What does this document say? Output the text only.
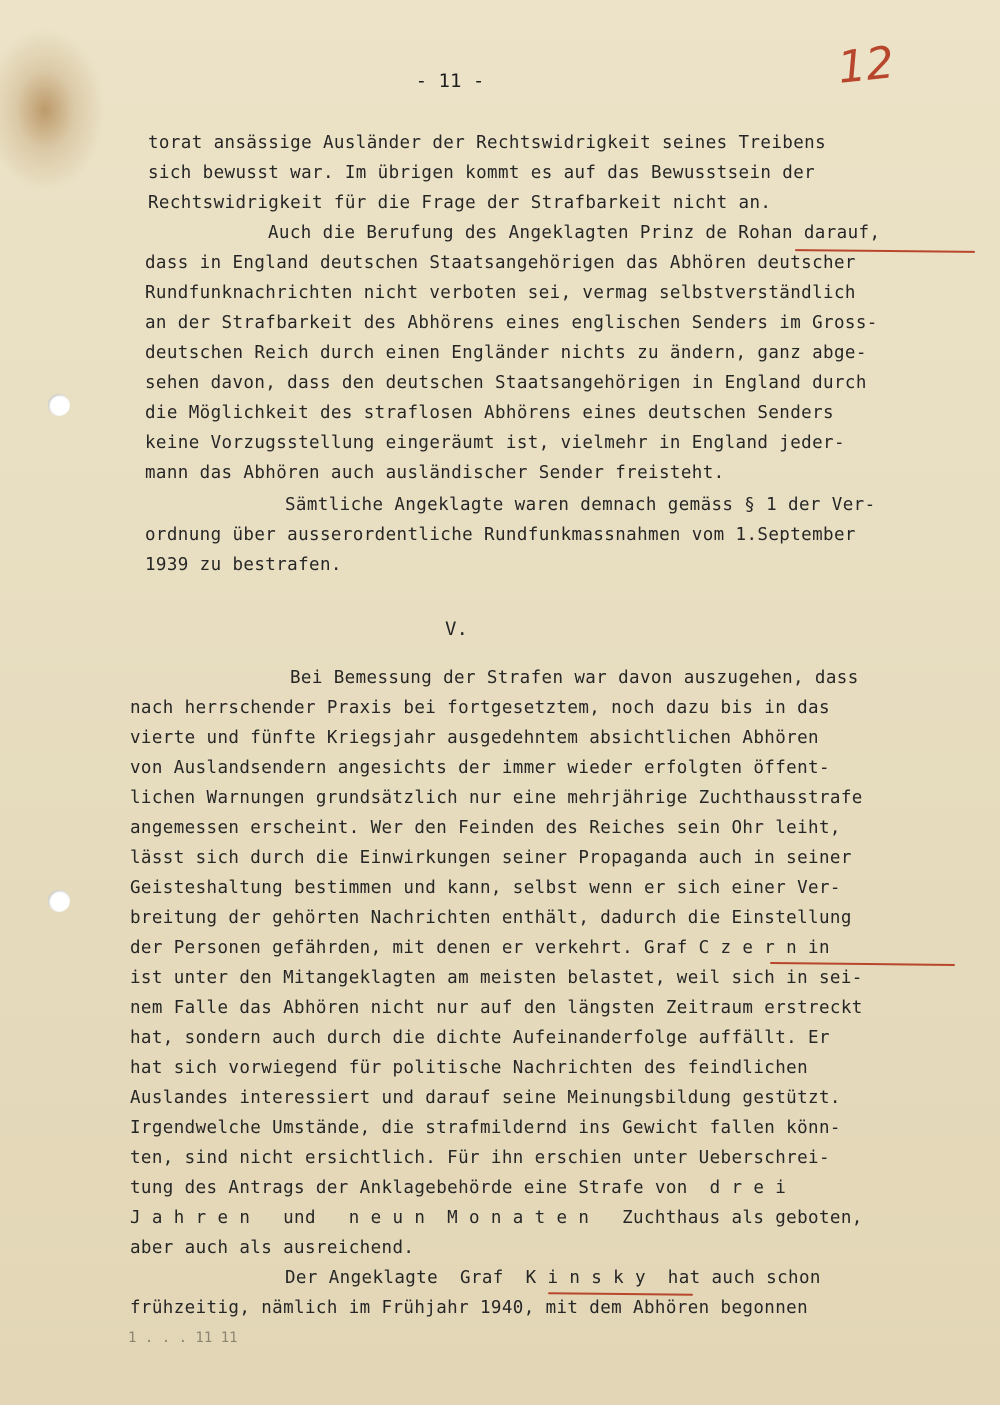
- 11 -	12
torat ansässige Ausländer der Rechtswidrigkeit seines Treibens
sich bewusst war. Im übrigen kommt es auf das Bewusstsein der
Rechtswidrigkeit für die Frage der Strafbarkeit nicht an.
Auch die Berufung des Angeklagten Prinz de Rohan darauf,
dass in England deutschen Staatsangehörigen das Abhören deutscher
Rundfunknachrichten nicht verboten sei, vermag selbstverständlich
an der Strafbarkeit des Abhörens eines englischen Senders im Gross-
deutschen Reich durch einen Engländer nichts zu ändern, ganz abge-
sehen davon, dass den deutschen Staatsangehörigen in England durch
die Möglichkeit des straflosen Abhörens eines deutschen Senders
keine Vorzugsstellung eingeräumt ist, vielmehr in England jeder-
mann das Abhören auch ausländischer Sender freisteht.
Sämtliche Angeklagte waren demnach gemäss § 1 der Ver-
ordnung über ausserordentliche Rundfunkmassnahmen vom 1.September
1939 zu bestrafen.
V.
Bei Bemessung der Strafen war davon auszugehen, dass
nach herrschender Praxis bei fortgesetztem, noch dazu bis in das
vierte und fünfte Kriegsjahr ausgedehntem absichtlichen Abhören
von Auslandsendern angesichts der immer wieder erfolgten öffent-
lichen Warnungen grundsätzlich nur eine mehrjährige Zuchthausstrafe
angemessen erscheint. Wer den Feinden des Reiches sein Ohr leiht,
lässt sich durch die Einwirkungen seiner Propaganda auch in seiner
Geisteshaltung bestimmen und kann, selbst wenn er sich einer Ver-
breitung der gehörten Nachrichten enthält, dadurch die Einstellung
der Personen gefährden, mit denen er verkehrt. Graf C z e r n in
ist unter den Mitangeklagten am meisten belastet, weil sich in sei-
nem Falle das Abhören nicht nur auf den längsten Zeitraum erstreckt
hat, sondern auch durch die dichte Aufeinanderfolge auffällt. Er
hat sich vorwiegend für politische Nachrichten des feindlichen
Auslandes interessiert und darauf seine Meinungsbildung gestützt.
Irgendwelche Umstände, die strafmildernd ins Gewicht fallen könn-
ten, sind nicht ersichtlich. Für ihn erschien unter Ueberschrei-
tung des Antrags der Anklagebehörde eine Strafe von  d r e i
J a h r e n   und   n e u n  M o n a t e n   Zuchthaus als geboten,
aber auch als ausreichend.
Der Angeklagte  Graf  K i n s k y  hat auch schon
frühzeitig, nämlich im Frühjahr 1940, mit dem Abhören begonnen
1 . . . 11 11
